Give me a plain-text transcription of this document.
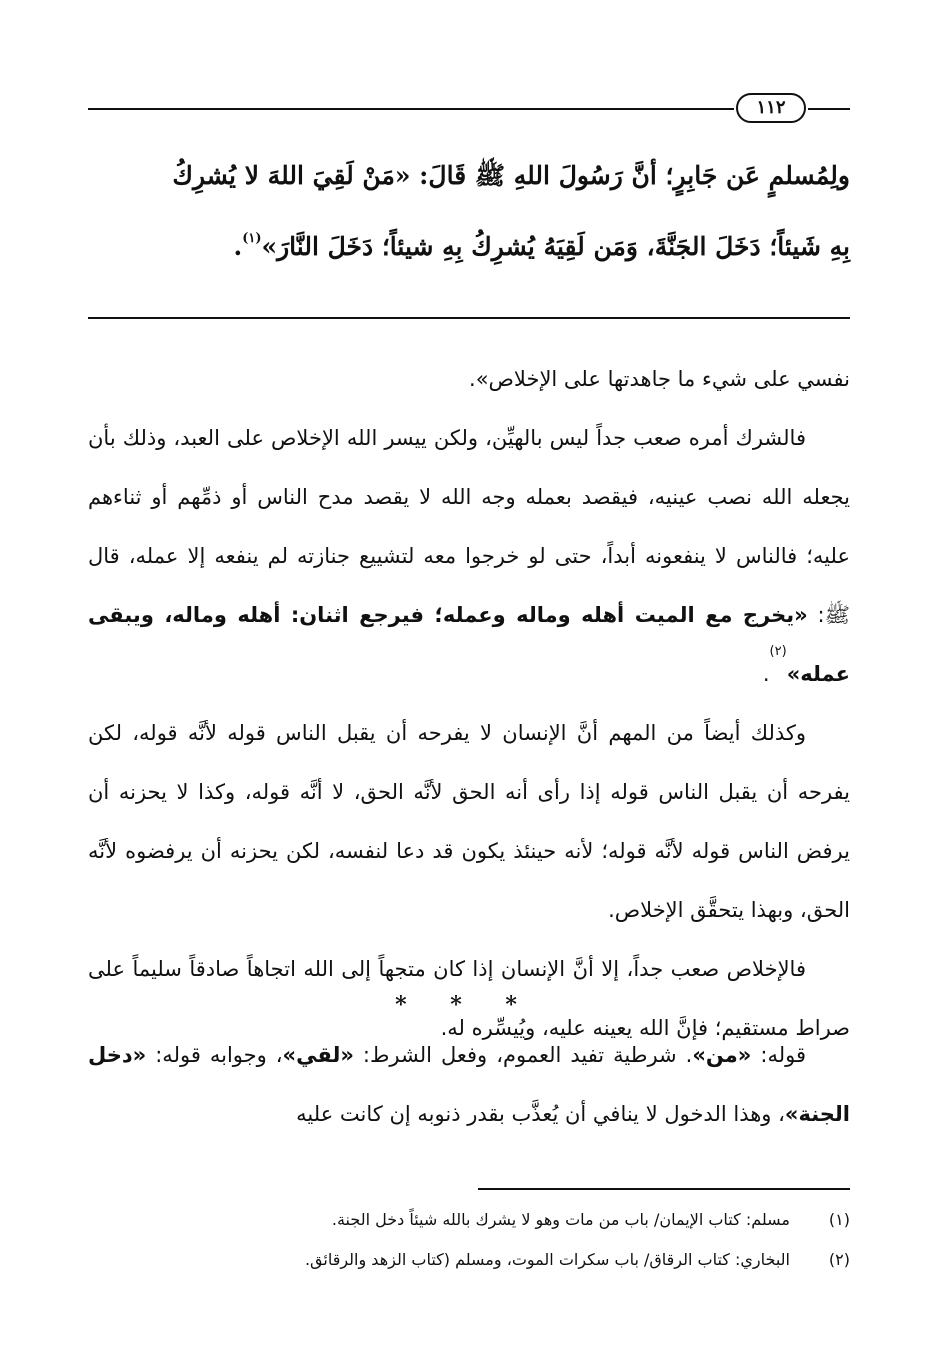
١١٢
ولِمُسلمٍ عَن جَابِرٍ؛ أنَّ رَسُولَ اللهِ ﷺ قَالَ: «مَنْ لَقِيَ اللهَ لا يُشرِكُ
بِهِ شَيئاً؛ دَخَلَ الجَنَّةَ، وَمَن لَقِيَهُ يُشرِكُ بِهِ شيئاً؛ دَخَلَ النَّارَ»$^{(١)}$.

نفسي على شيء ما جاهدتها على الإخلاص».

فالشرك أمره صعب جداً ليس بالهيِّن، ولكن ييسر الله الإخلاص على العبد، وذلك بأن يجعله الله نصب عينيه، فيقصد بعمله وجه الله لا يقصد مدح الناس أو ذمِّهم أو ثناءهم عليه؛ فالناس لا ينفعونه أبداً، حتى لو خرجوا معه لتشييع جنازته لم ينفعه إلا عمله، قال ﷺ: «يخرج مع الميت أهله وماله وعمله؛ فيرجع اثنان: أهله وماله، ويبقى عمله»$^{(٢)}$.

وكذلك أيضاً من المهم أنَّ الإنسان لا يفرحه أن يقبل الناس قوله لأنَّه قوله، لكن يفرحه أن يقبل الناس قوله إذا رأى أنه الحق لأنَّه الحق، لا أنَّه قوله، وكذا لا يحزنه أن يرفض الناس قوله لأنَّه قوله؛ لأنه حينئذ يكون قد دعا لنفسه، لكن يحزنه أن يرفضوه لأنَّه الحق، وبهذا يتحقَّق الإخلاص.

فالإخلاص صعب جداً، إلا أنَّ الإنسان إذا كان متجهاً إلى الله اتجاهاً صادقاً سليماً على صراط مستقيم؛ فإنَّ الله يعينه عليه، ويُيسِّره له.

* * *

قوله: «من». شرطية تفيد العموم، وفعل الشرط: «لقي»، وجوابه قوله: «دخل الجنة»، وهذا الدخول لا ينافي أن يُعذَّب بقدر ذنوبه إن كانت عليه

(١)
مسلم: كتاب الإيمان/ باب من مات وهو لا يشرك بالله شيئاً دخل الجنة.
(٢)
البخاري: كتاب الرقاق/ باب سكرات الموت، ومسلم (كتاب الزهد والرقائق.
